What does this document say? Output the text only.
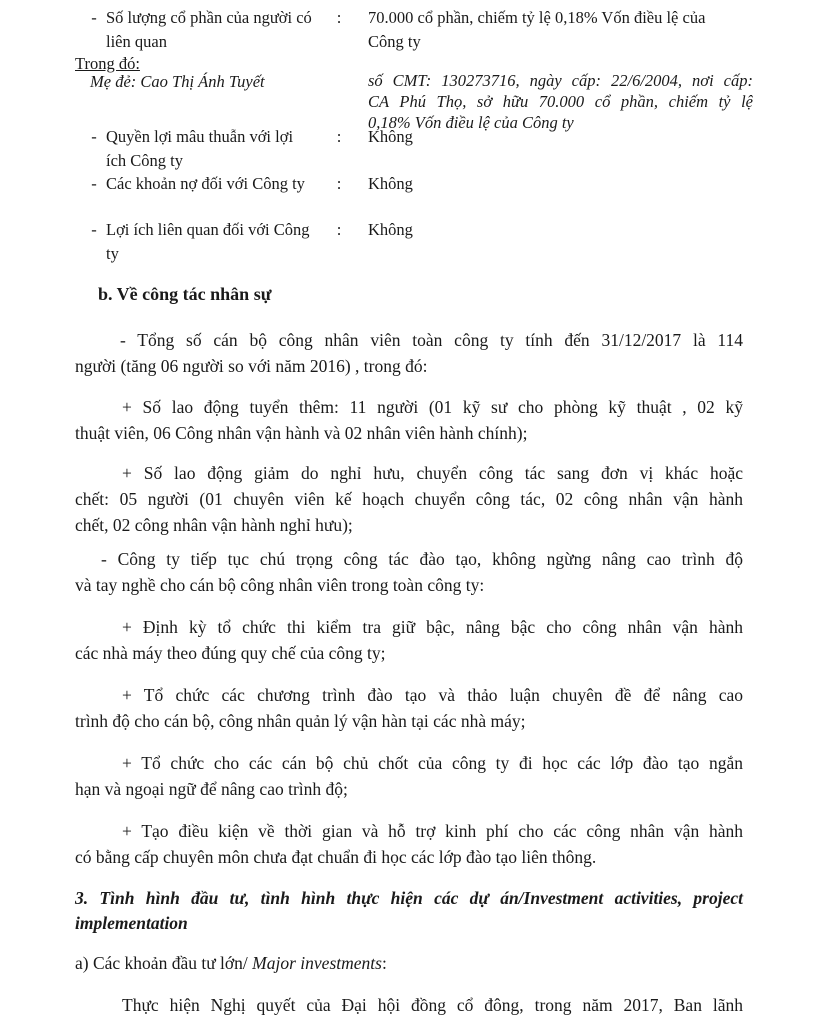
- Số lượng cổ phần của người có
liên quan
: 70.000 cổ phần, chiếm tỷ lệ 0,18% Vốn điều lệ của
Công ty
Trong đó:
Mẹ đẻ: Cao Thị Ánh Tuyết	số CMT: 130273716, ngày cấp: 22/6/2004, nơi cấp:
CA Phú Thọ, sở hữu 70.000 cổ phần, chiếm tỷ lệ
0,18% Vốn điều lệ của Công ty
- Quyền lợi mâu thuẫn với lợi
ích Công ty
: Không
- Các khoản nợ đối với Công ty	: Không
- Lợi ích liên quan đối với Công
ty
: Không
b. Về công tác nhân sự
- Tổng số cán bộ công nhân viên toàn công ty tính đến 31/12/2017 là 114
người (tăng 06 người so với năm 2016) , trong đó:
+ Số lao động tuyển thêm: 11 người (01 kỹ sư cho phòng kỹ thuật , 02 kỹ
thuật viên, 06 Công nhân vận hành và 02 nhân viên hành chính);
+ Số lao động giảm do nghỉ hưu, chuyển công tác sang đơn vị khác hoặc
chết: 05 người (01 chuyên viên kế hoạch chuyển công tác, 02 công nhân vận hành
chết, 02 công nhân vận hành nghỉ hưu);
- Công ty tiếp tục chú trọng công tác đào tạo, không ngừng nâng cao trình độ
và tay nghề cho cán bộ công nhân viên trong toàn công ty:
+ Định kỳ tổ chức thi kiểm tra giữ bậc, nâng bậc cho công nhân vận hành
các nhà máy theo đúng quy chế của công ty;
+ Tổ chức các chương trình đào tạo và thảo luận chuyên đề để nâng cao
trình độ cho cán bộ, công nhân quản lý vận hàn tại các nhà máy;
+ Tổ chức cho các cán bộ chủ chốt của công ty đi học các lớp đào tạo ngắn
hạn và ngoại ngữ để nâng cao trình độ;
+ Tạo điều kiện về thời gian và hỗ trợ kinh phí cho các công nhân vận hành
có bằng cấp chuyên môn chưa đạt chuẩn đi học các lớp đào tạo liên thông.
3. Tình hình đầu tư, tình hình thực hiện các dự án/Investment activities, project
implementation
a) Các khoản đầu tư lớn/ Major investments:
Thực hiện Nghị quyết của Đại hội đồng cổ đông, trong năm 2017, Ban lãnh
